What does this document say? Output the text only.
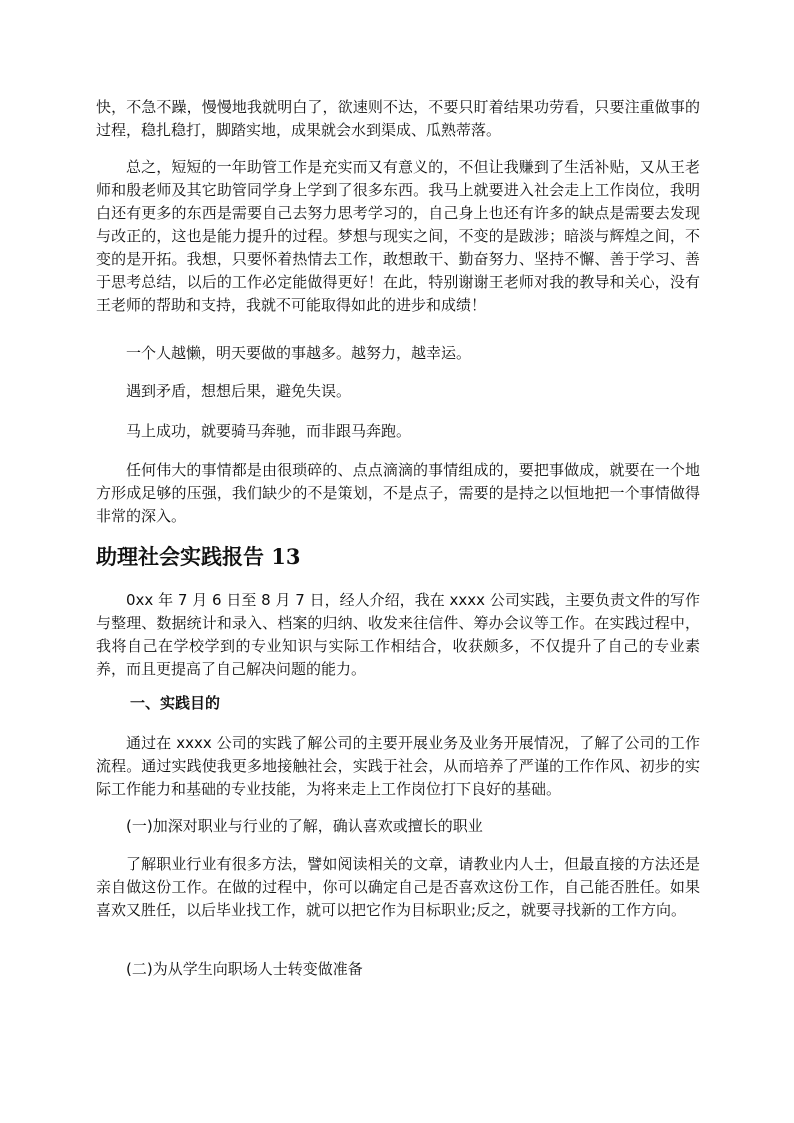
快，不急不躁，慢慢地我就明白了，欲速则不达，不要只盯着结果功劳看，只要注重做事的过程，稳扎稳打，脚踏实地，成果就会水到渠成、瓜熟蒂落。

总之，短短的一年助管工作是充实而又有意义的，不但让我赚到了生活补贴，又从王老师和殷老师及其它助管同学身上学到了很多东西。我马上就要进入社会走上工作岗位，我明白还有更多的东西是需要自己去努力思考学习的，自己身上也还有许多的缺点是需要去发现与改正的，这也是能力提升的过程。梦想与现实之间，不变的是跋涉；暗淡与辉煌之间，不变的是开拓。我想，只要怀着热情去工作，敢想敢干、勤奋努力、坚持不懈、善于学习、善于思考总结，以后的工作必定能做得更好！在此，特别谢谢王老师对我的教导和关心，没有王老师的帮助和支持，我就不可能取得如此的进步和成绩！

一个人越懒，明天要做的事越多。越努力，越幸运。

遇到矛盾，想想后果，避免失误。

马上成功，就要骑马奔驰，而非跟马奔跑。

任何伟大的事情都是由很琐碎的、点点滴滴的事情组成的，要把事做成，就要在一个地方形成足够的压强，我们缺少的不是策划，不是点子，需要的是持之以恒地把一个事情做得非常的深入。

助理社会实践报告 13

0xx 年 7 月 6 日至 8 月 7 日，经人介绍，我在 xxxx 公司实践，主要负责文件的写作与整理、数据统计和录入、档案的归纳、收发来往信件、筹办会议等工作。在实践过程中，我将自己在学校学到的专业知识与实际工作相结合，收获颇多，不仅提升了自己的专业素养，而且更提高了自己解决问题的能力。

一、实践目的

通过在 xxxx 公司的实践了解公司的主要开展业务及业务开展情况，了解了公司的工作流程。通过实践使我更多地接触社会，实践于社会，从而培养了严谨的工作作风、初步的实际工作能力和基础的专业技能，为将来走上工作岗位打下良好的基础。

(一)加深对职业与行业的了解，确认喜欢或擅长的职业

了解职业行业有很多方法，譬如阅读相关的文章，请教业内人士，但最直接的方法还是亲自做这份工作。在做的过程中，你可以确定自己是否喜欢这份工作，自己能否胜任。如果喜欢又胜任，以后毕业找工作，就可以把它作为目标职业;反之，就要寻找新的工作方向。

(二)为从学生向职场人士转变做准备
